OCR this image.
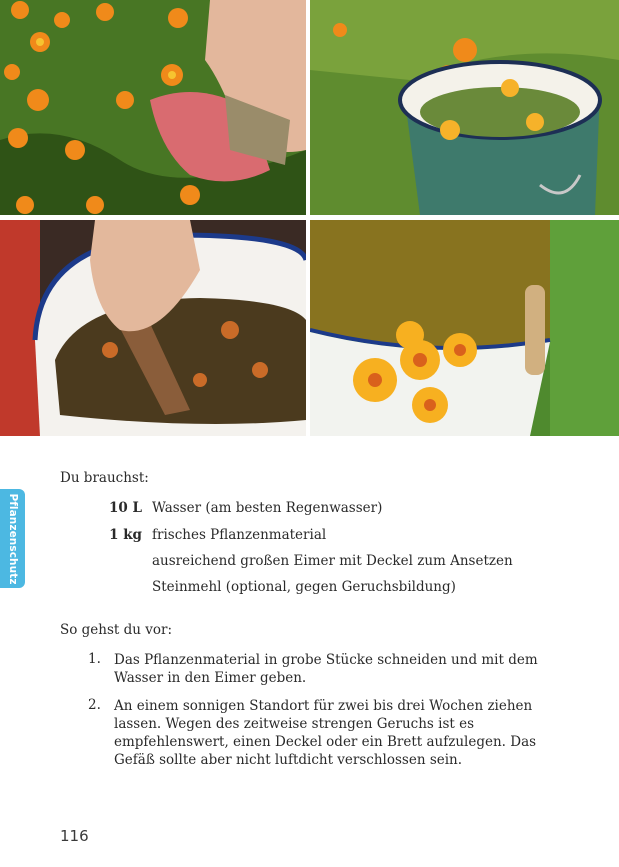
Pflanzenschutz
Du brauchst:
10 L Wasser (am besten Regenwasser)
1 kg frisches Pflanzenmaterial
ausreichend großen Eimer mit Deckel zum Ansetzen
Steinmehl (optional, gegen Geruchsbildung)
So gehst du vor:
1. Das Pflanzenmaterial in grobe Stücke schneiden und mit dem Wasser in den Eimer geben.
2. An einem sonnigen Standort für zwei bis drei Wochen ziehen lassen. Wegen des zeitweise strengen Geruchs ist es empfehlenswert, einen Deckel oder ein Brett aufzulegen. Das Gefäß sollte aber nicht luftdicht verschlossen sein.
116
